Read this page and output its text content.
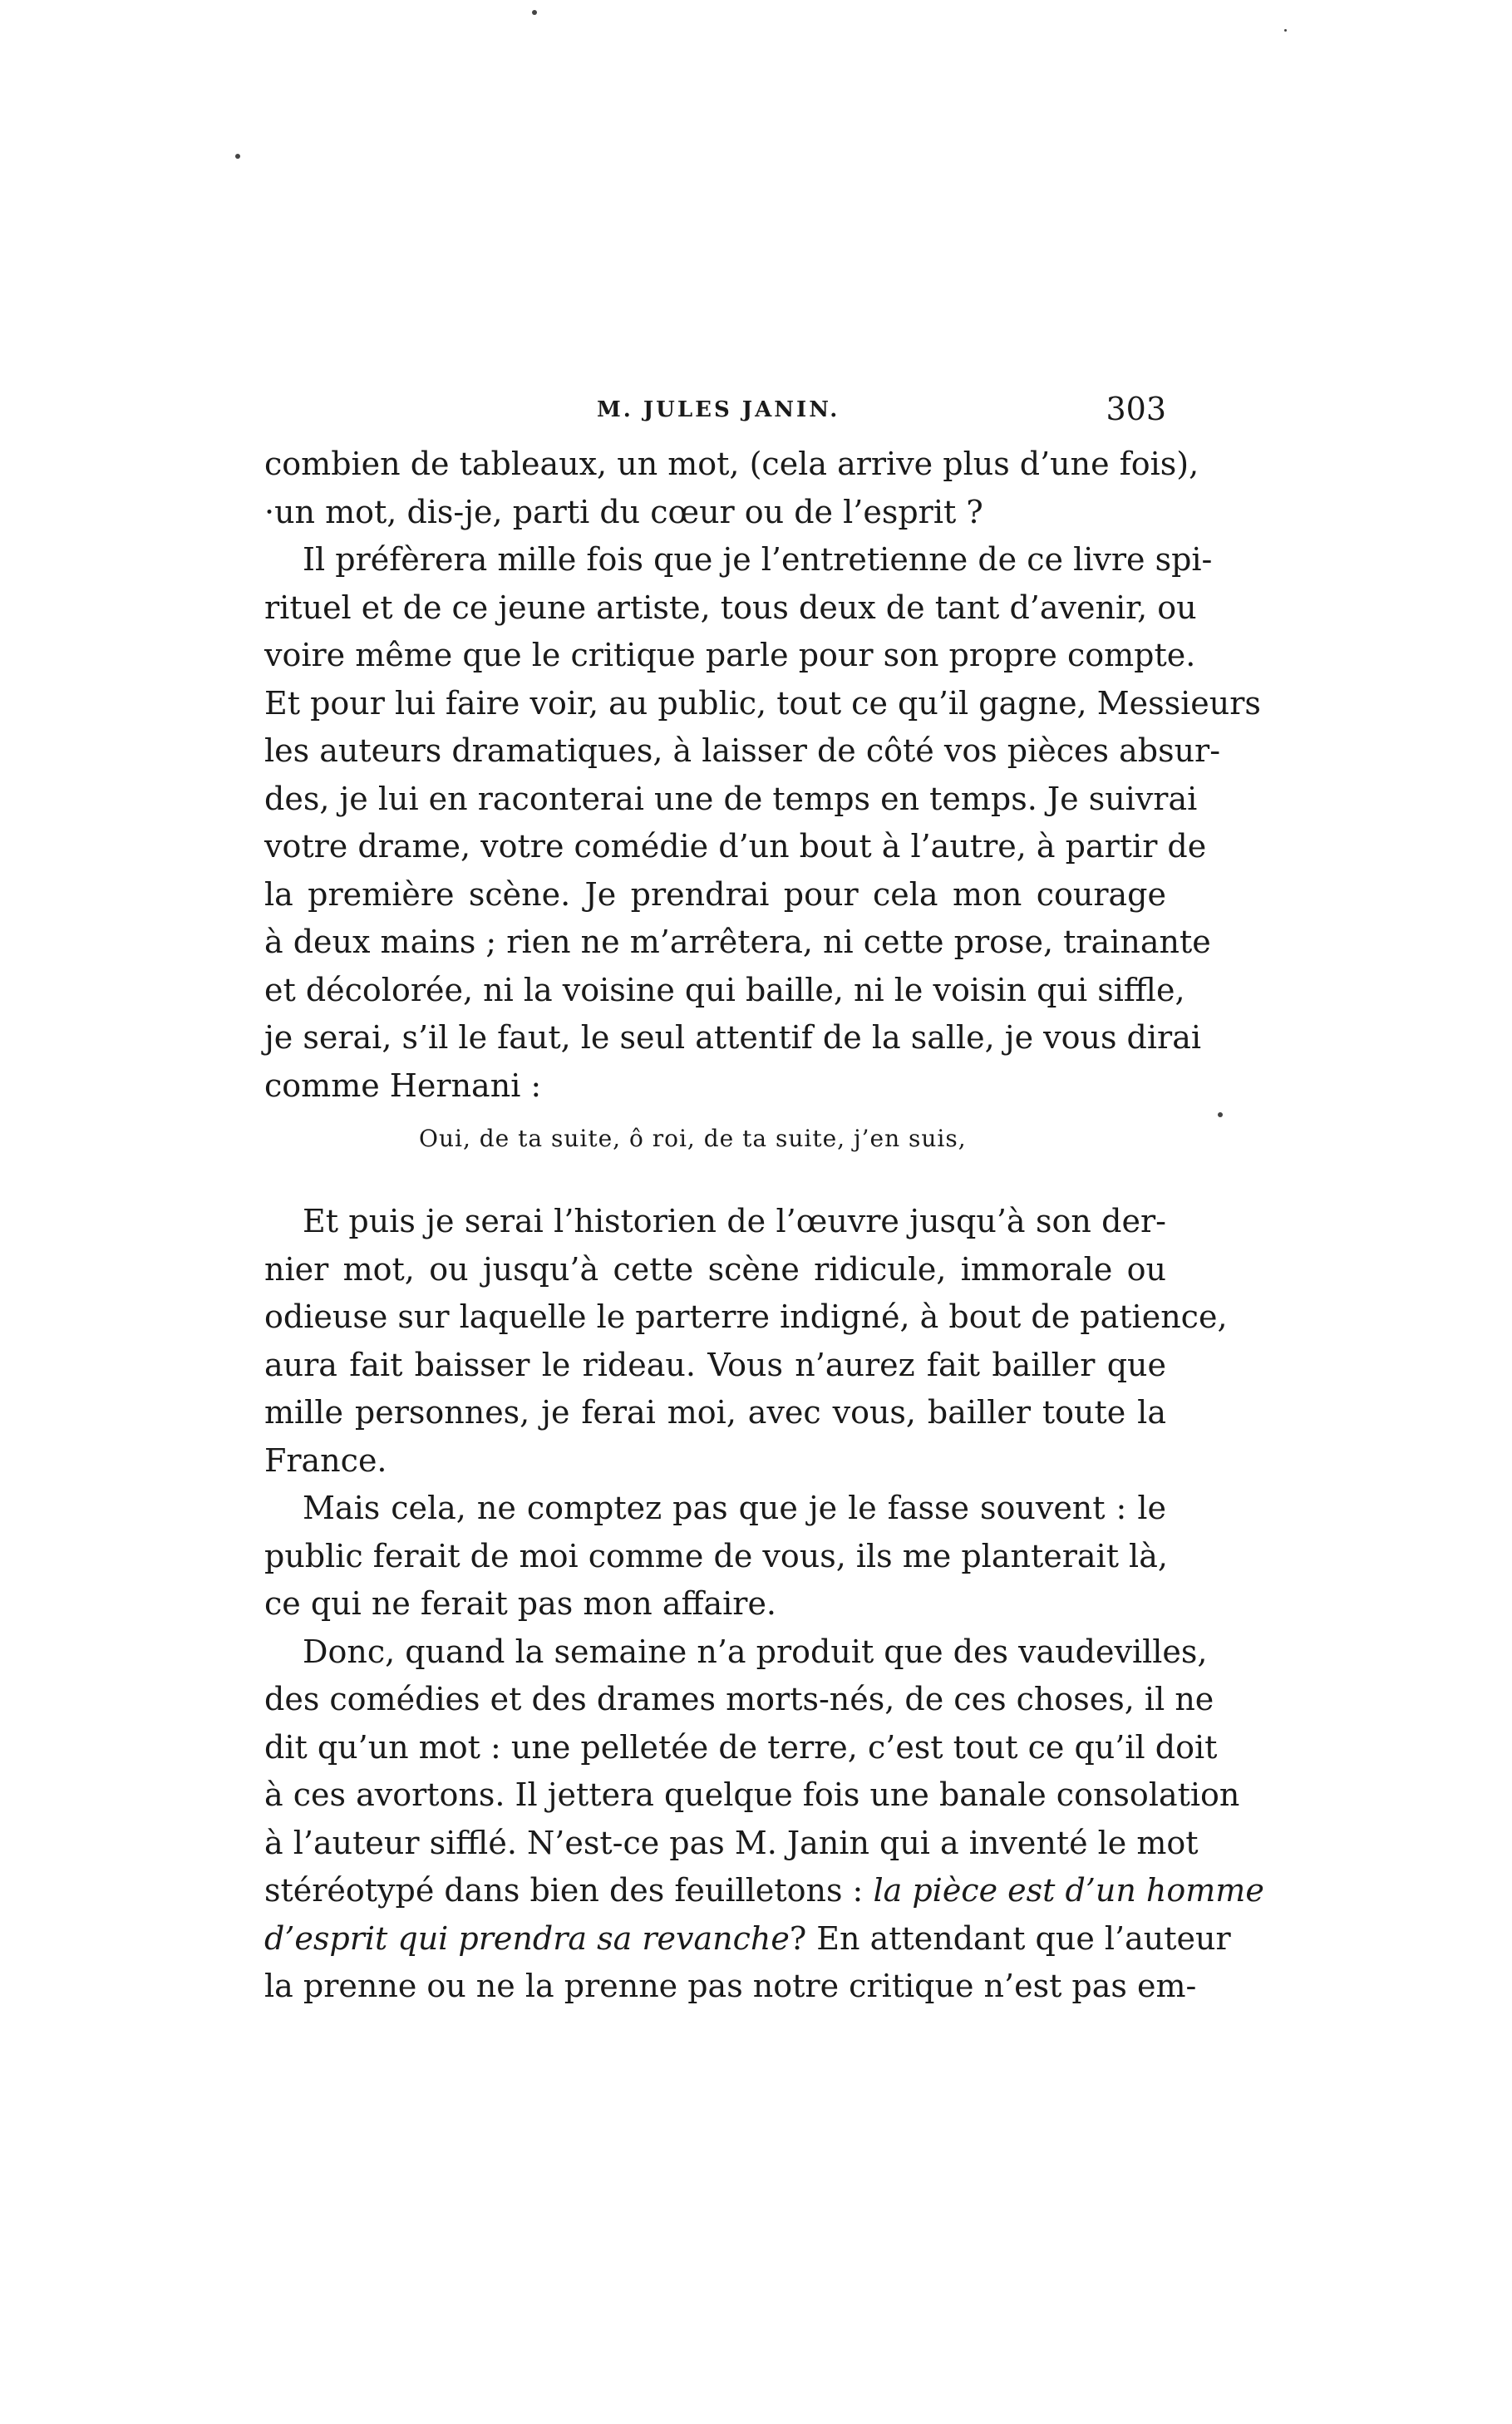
M. JULES JANIN.	303
combien de tableaux, un mot, (cela arrive plus d’une fois),
·un mot, dis-je, parti du cœur ou de l’esprit ?
Il préfèrera mille fois que je l’entretienne de ce livre spi-
rituel et de ce jeune artiste, tous deux de tant d’avenir, ou
voire même que le critique parle pour son propre compte.
Et pour lui faire voir, au public, tout ce qu’il gagne, Messieurs
les auteurs dramatiques, à laisser de côté vos pièces absur-
des, je lui en raconterai une de temps en temps. Je suivrai
votre drame, votre comédie d’un bout à l’autre, à partir de
la première scène. Je prendrai pour cela mon courage
à deux mains ; rien ne m’arrêtera, ni cette prose, trainante
et décolorée, ni la voisine qui baille, ni le voisin qui siffle,
je serai, s’il le faut, le seul attentif de la salle, je vous dirai
comme Hernani :
Oui, de ta suite, ô roi, de ta suite, j’en suis,
Et puis je serai l’historien de l’œuvre jusqu’à son der-
nier mot, ou jusqu’à cette scène ridicule, immorale ou
odieuse sur laquelle le parterre indigné, à bout de patience,
aura fait baisser le rideau. Vous n’aurez fait bailler que
mille personnes, je ferai moi, avec vous, bailler toute la
France.
Mais cela, ne comptez pas que je le fasse souvent : le
public ferait de moi comme de vous, ils me planterait là,
ce qui ne ferait pas mon affaire.
Donc, quand la semaine n’a produit que des vaudevilles,
des comédies et des drames morts-nés, de ces choses, il ne
dit qu’un mot : une pelletée de terre, c’est tout ce qu’il doit
à ces avortons. Il jettera quelque fois une banale consolation
à l’auteur sifflé. N’est-ce pas M. Janin qui a inventé le mot
stéréotypé dans bien des feuilletons : la pièce est d’un homme
d’esprit qui prendra sa revanche? En attendant que l’auteur
la prenne ou ne la prenne pas notre critique n’est pas em-
